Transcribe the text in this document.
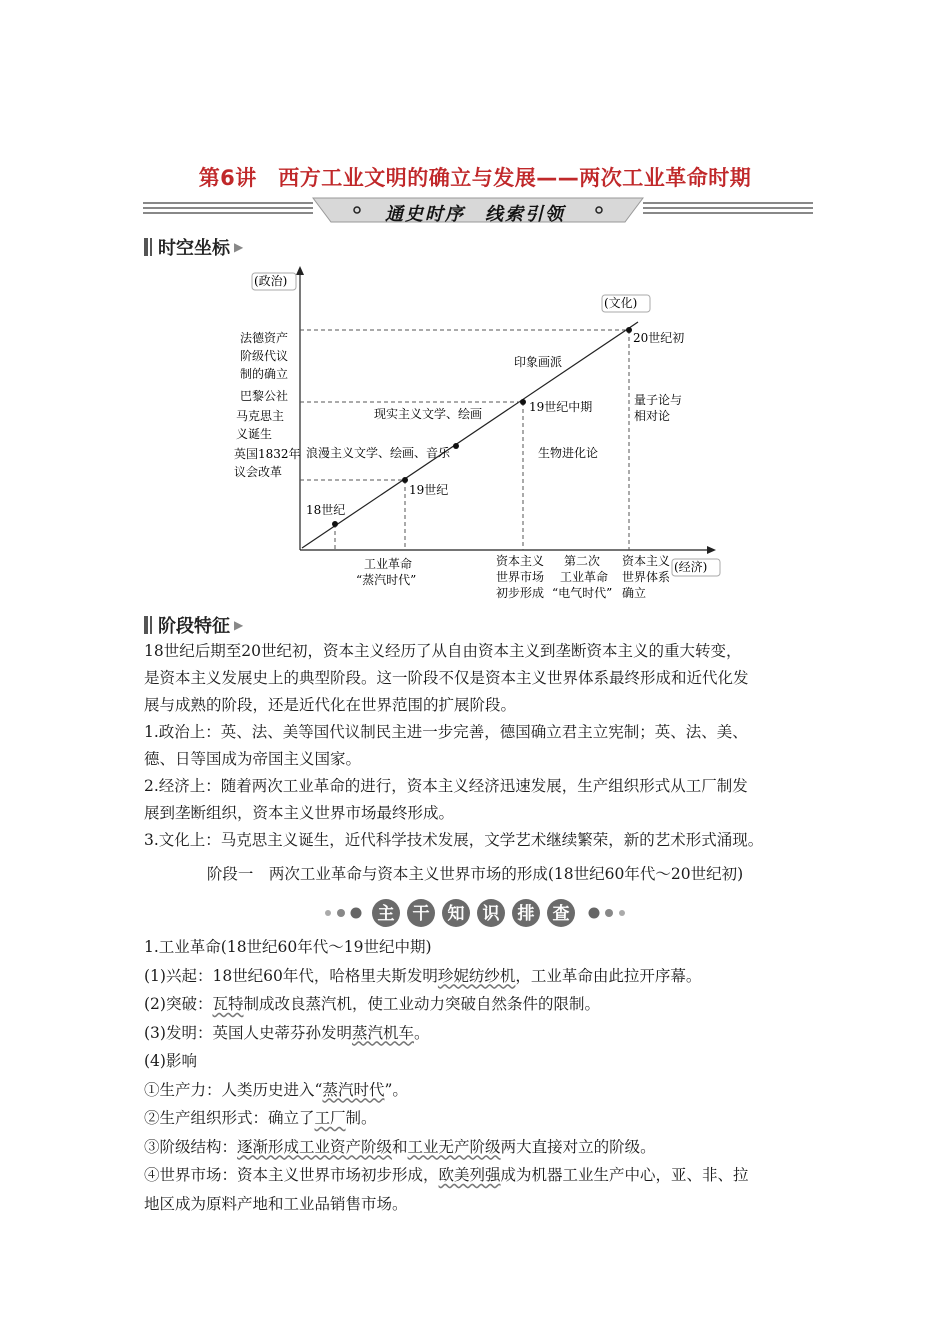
第6讲　西方工业文明的确立与发展——两次工业革命时期
通史时序　线索引领
时空坐标 ▶
(政治)
(文化)
(经济)
法德资产
阶级代议
制的确立
巴黎公社
马克思主
义诞生
英国1832年
议会改革
18世纪
19世纪
19世纪中期
20世纪初
印象画派
现实主义文学、绘画
浪漫主义文学、绘画、音乐
量子论与
相对论
生物进化论
工业革命
“蒸汽时代”
资本主义
世界市场
初步形成
第二次
工业革命
“电气时代”
资本主义
世界体系
确立
阶段特征 ▶
18世纪后期至20世纪初，资本主义经历了从自由资本主义到垄断资本主义的重大转变，
是资本主义发展史上的典型阶段。这一阶段不仅是资本主义世界体系最终形成和近代化发
展与成熟的阶段，还是近代化在世界范围的扩展阶段。
1.政治上：英、法、美等国代议制民主进一步完善，德国确立君主立宪制；英、法、美、
德、日等国成为帝国主义国家。
2.经济上：随着两次工业革命的进行，资本主义经济迅速发展，生产组织形式从工厂制发
展到垄断组织，资本主义世界市场最终形成。
3.文化上：马克思主义诞生，近代科学技术发展，文学艺术继续繁荣，新的艺术形式涌现。
阶段一　两次工业革命与资本主义世界市场的形成(18世纪60年代～20世纪初)
主 干 知 识 排 查
1.工业革命(18世纪60年代～19世纪中期)
(1)兴起：18世纪60年代，哈格里夫斯发明珍妮纺纱机，工业革命由此拉开序幕。
(2)突破：瓦特制成改良蒸汽机，使工业动力突破自然条件的限制。
(3)发明：英国人史蒂芬孙发明蒸汽机车。
(4)影响
①生产力：人类历史进入“蒸汽时代”。
②生产组织形式：确立了工厂制。
③阶级结构：逐渐形成工业资产阶级和工业无产阶级两大直接对立的阶级。
④世界市场：资本主义世界市场初步形成，欧美列强成为机器工业生产中心，亚、非、拉
地区成为原料产地和工业品销售市场。
